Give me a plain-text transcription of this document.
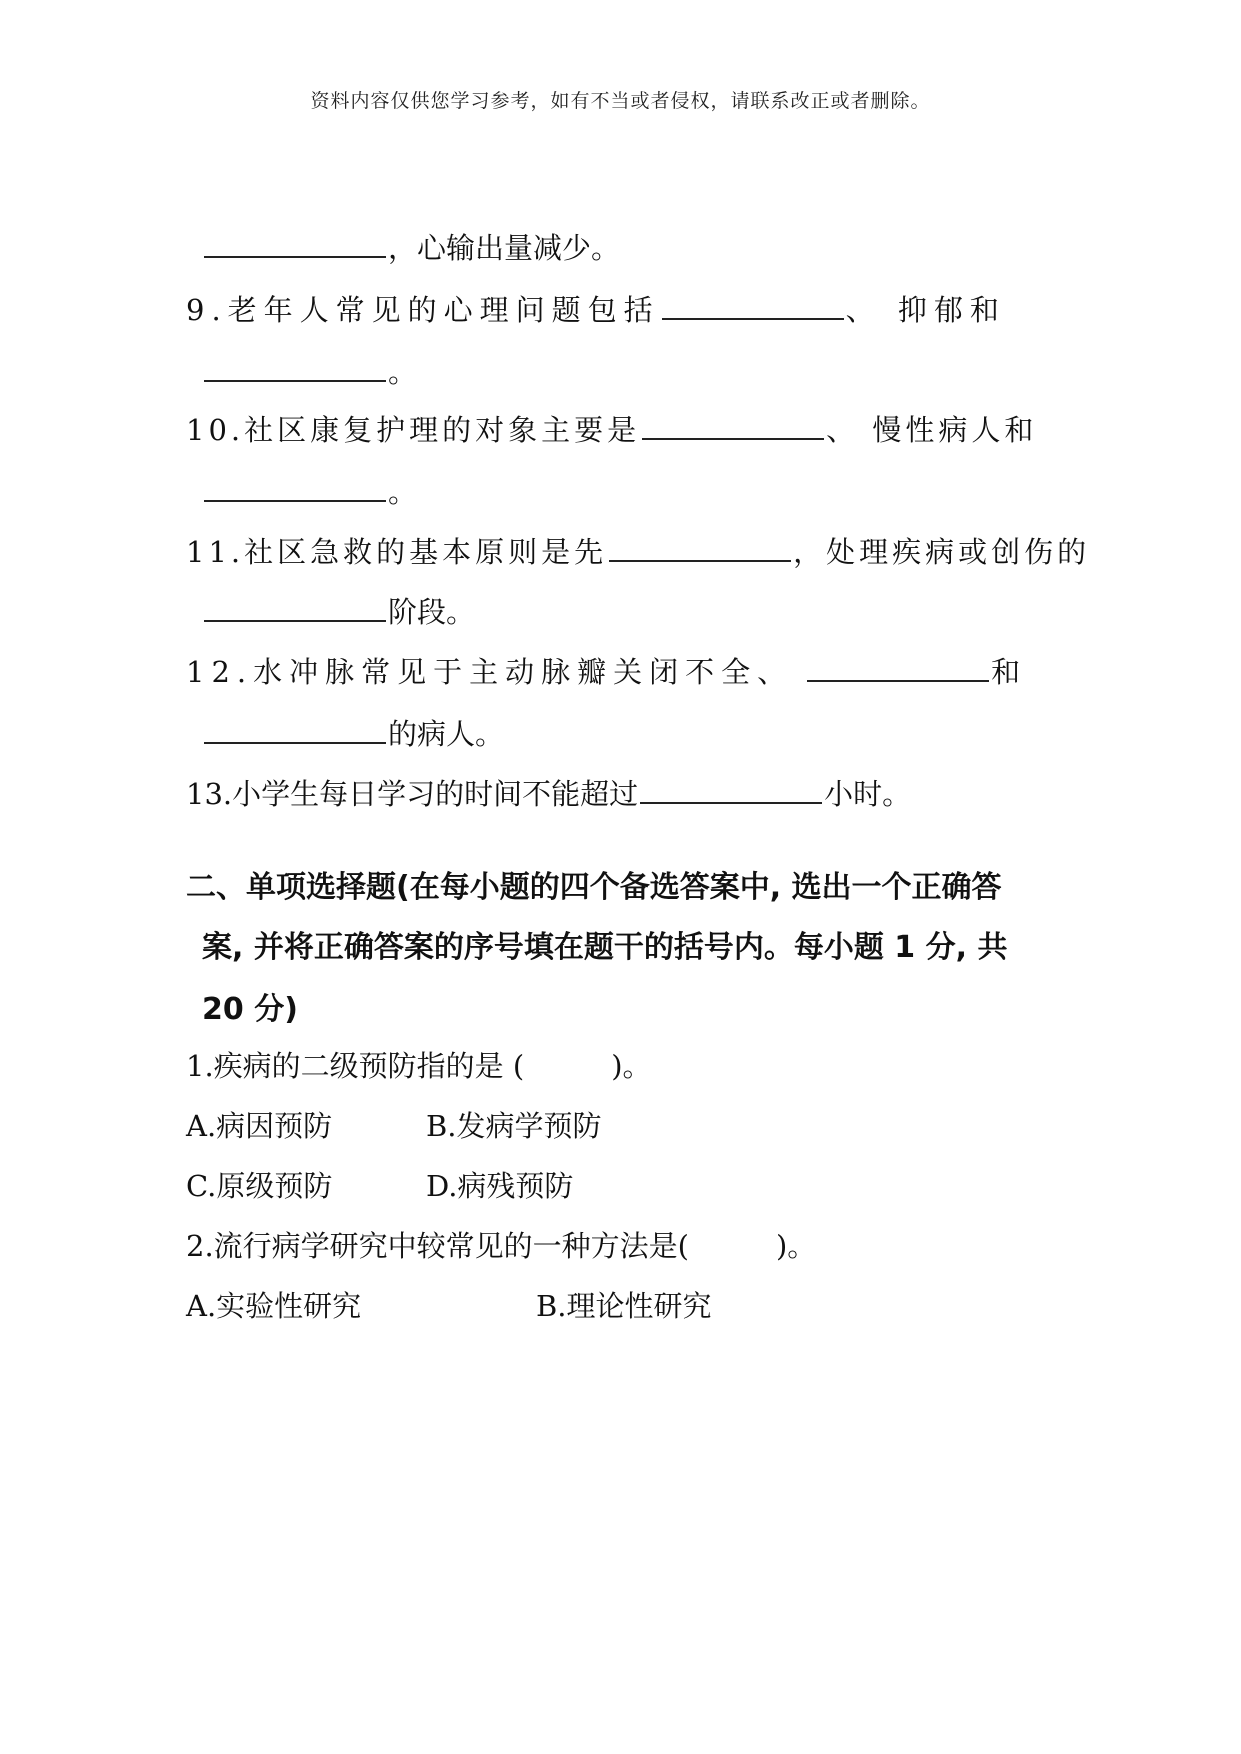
资料内容仅供您学习参考，如有不当或者侵权，请联系改正或者删除。
，心输出量减少。
9.老年人常见的心理问题包括	、 抑郁和
。
10.社区康复护理的对象主要是	、 慢性病人和
。
11.社区急救的基本原则是先	，处理疾病或创伤的
阶段。
12.水冲脉常见于主动脉瓣关闭不全、	和
的病人。
13.小学生每日学习的时间不能超过	小时。
二、单项选择题(在每小题的四个备选答案中, 选出一个正确答
案, 并将正确答案的序号填在题干的括号内。每小题 1 分, 共
20 分)
1.疾病的二级预防指的是 (　　　)。
A.病因预防	B.发病学预防
C.原级预防	D.病残预防
2.流行病学研究中较常见的一种方法是(　　　)。
A.实验性研究	B.理论性研究
